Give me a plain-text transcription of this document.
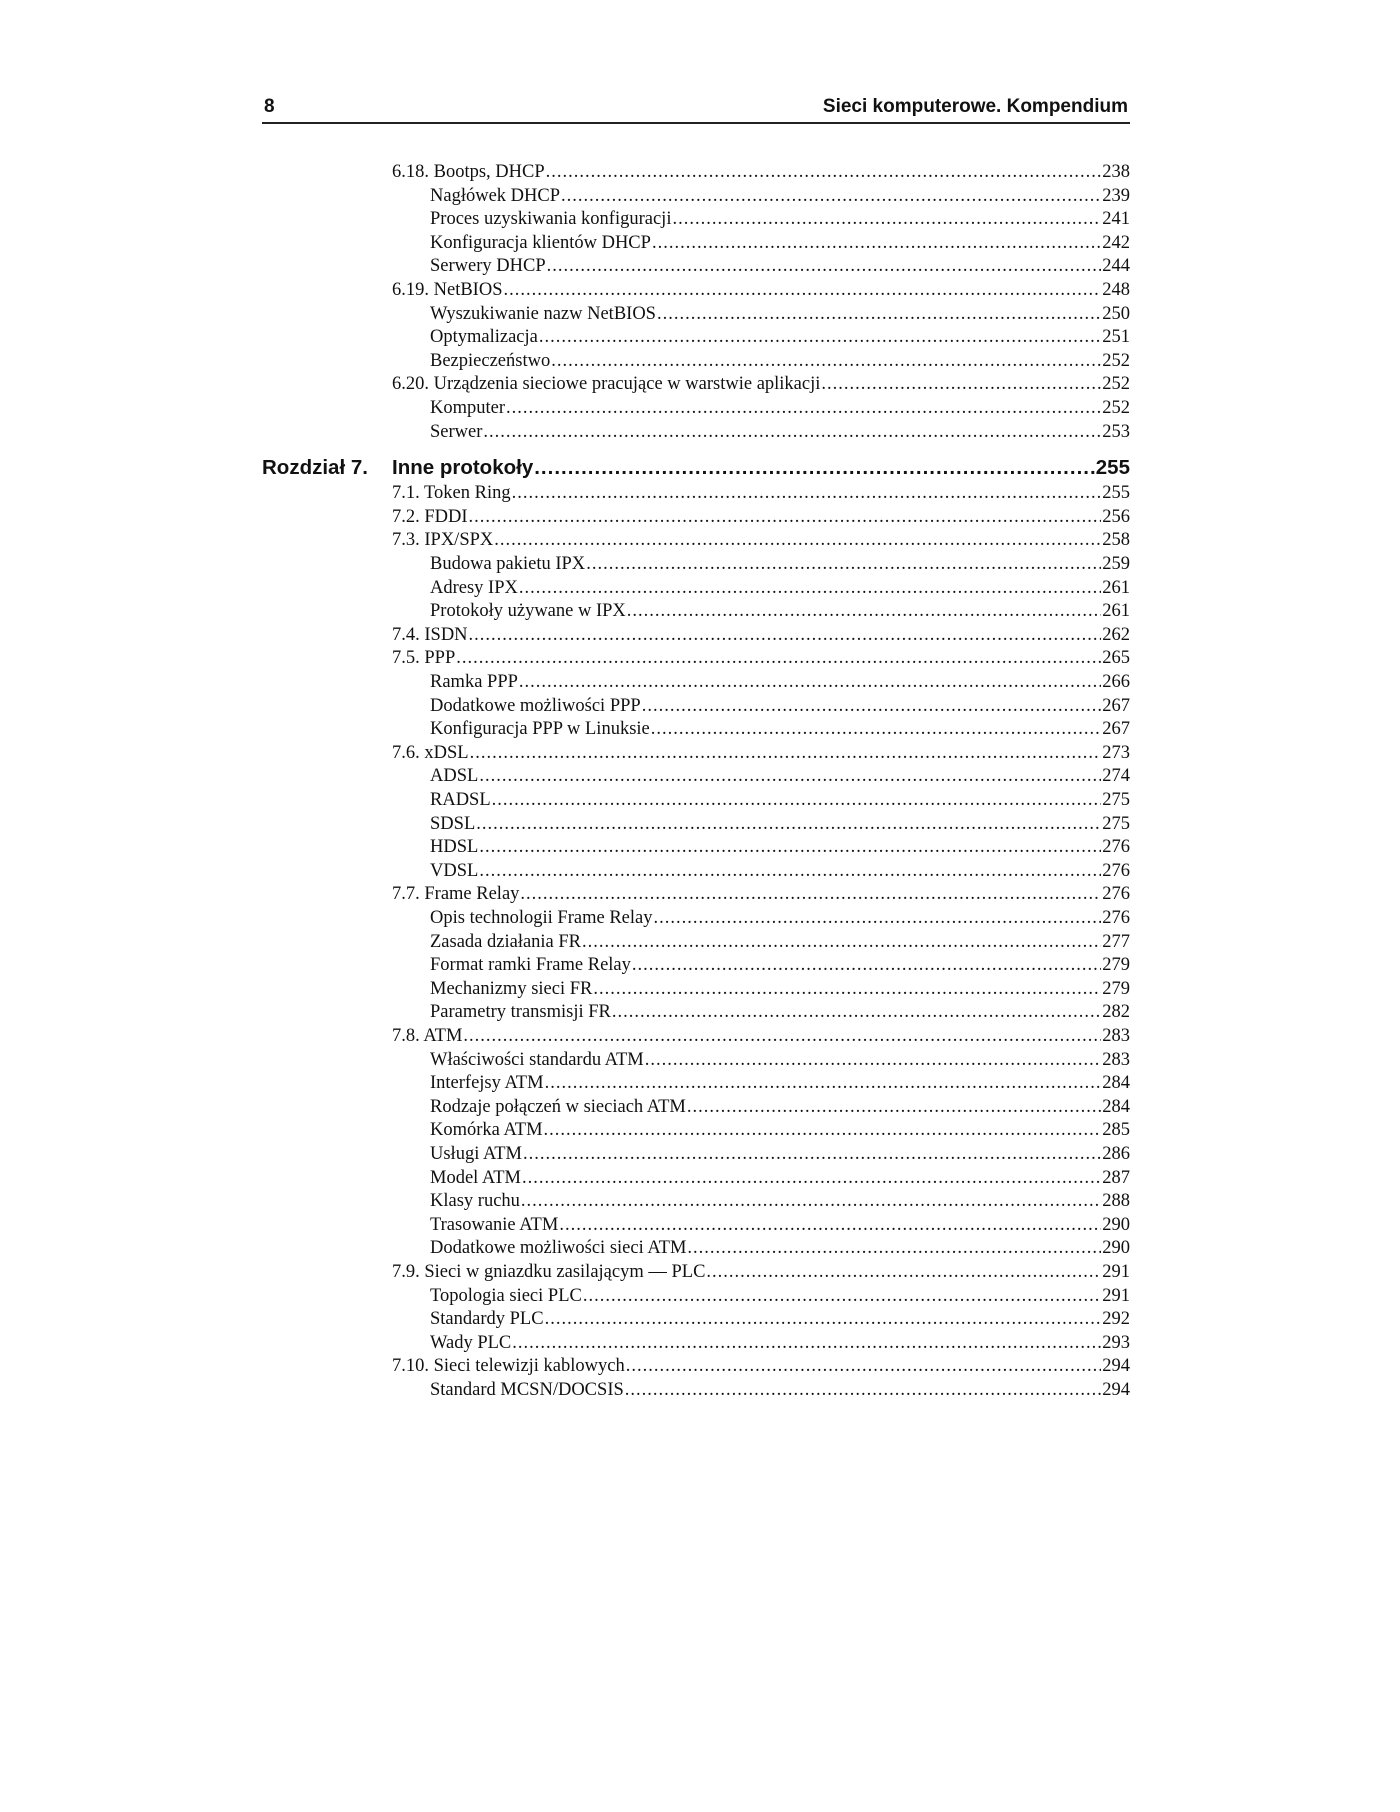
8	Sieci komputerowe. Kompendium
6.18. Bootps, DHCP .....	238
Nagłówek DHCP .....	239
Proces uzyskiwania konfiguracji .....	241
Konfiguracja klientów DHCP .....	242
Serwery DHCP .....	244
6.19. NetBIOS .....	248
Wyszukiwanie nazw NetBIOS .....	250
Optymalizacja .....	251
Bezpieczeństwo .....	252
6.20. Urządzenia sieciowe pracujące w warstwie aplikacji .....	252
Komputer .....	252
Serwer .....	253
Rozdział 7. Inne protokoły .....	255
7.1. Token Ring .....	255
7.2. FDDI .....	256
7.3. IPX/SPX .....	258
Budowa pakietu IPX .....	259
Adresy IPX .....	261
Protokoły używane w IPX .....	261
7.4. ISDN .....	262
7.5. PPP .....	265
Ramka PPP .....	266
Dodatkowe możliwości PPP .....	267
Konfiguracja PPP w Linuksie .....	267
7.6. xDSL .....	273
ADSL .....	274
RADSL .....	275
SDSL .....	275
HDSL .....	276
VDSL .....	276
7.7. Frame Relay .....	276
Opis technologii Frame Relay .....	276
Zasada działania FR .....	277
Format ramki Frame Relay .....	279
Mechanizmy sieci FR .....	279
Parametry transmisji FR .....	282
7.8. ATM .....	283
Właściwości standardu ATM .....	283
Interfejsy ATM .....	284
Rodzaje połączeń w sieciach ATM .....	284
Komórka ATM .....	285
Usługi ATM .....	286
Model ATM .....	287
Klasy ruchu .....	288
Trasowanie ATM .....	290
Dodatkowe możliwości sieci ATM .....	290
7.9. Sieci w gniazdku zasilającym — PLC .....	291
Topologia sieci PLC .....	291
Standardy PLC .....	292
Wady PLC .....	293
7.10. Sieci telewizji kablowych .....	294
Standard MCSN/DOCSIS .....	294
